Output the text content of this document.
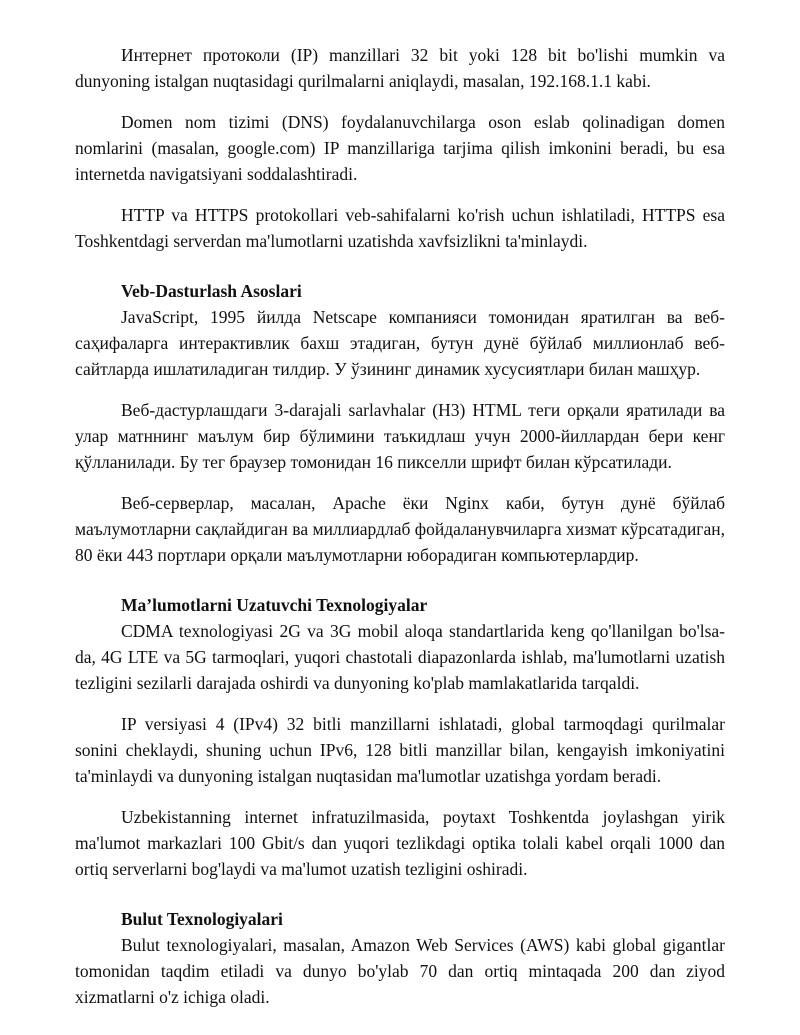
Интернет протоколи (IP) manzillari 32 bit yoki 128 bit bo'lishi mumkin va dunyoning istalgan nuqtasidagi qurilmalarni aniqlaydi, masalan, 192.168.1.1 kabi.

Domen nom tizimi (DNS) foydalanuvchilarga oson eslab qolinadigan domen nomlarini (masalan, google.com) IP manzillariga tarjima qilish imkonini beradi, bu esa internetda navigatsiyani soddalashtiradi.

HTTP va HTTPS protokollari veb-sahifalarni ko'rish uchun ishlatiladi, HTTPS esa Toshkentdagi serverdan ma'lumotlarni uzatishda xavfsizlikni ta'minlaydi.

Veb-Dasturlash Asoslari

JavaScript, 1995 йилда Netscape компанияси томонидан яратилган ва веб-саҳифаларга интерактивлик бахш этадиган, бутун дунё бўйлаб миллионлаб веб-сайтларда ишлатиладиган тилдир. У ўзининг динамик хусусиятлари билан машҳур.

Веб-дастурлашдаги 3-darajali sarlavhalar (H3) HTML теги орқали яратилади ва улар матннинг маълум бир бўлимини таъкидлаш учун 2000-йиллардан бери кенг қўлланилади. Бу тег браузер томонидан 16 пикселли шрифт билан кўрсатилади.

Веб-серверлар, масалан, Apache ёки Nginx каби, бутун дунё бўйлаб маълумотларни сақлайдиган ва миллиардлаб фойдаланувчиларга хизмат кўрсатадиган, 80 ёки 443 портлари орқали маълумотларни юборадиган компьютерлардир.

Ma’lumotlarni Uzatuvchi Texnologiyalar

CDMA texnologiyasi 2G va 3G mobil aloqa standartlarida keng qo'llanilgan bo'lsa-da, 4G LTE va 5G tarmoqlari, yuqori chastotali diapazonlarda ishlab, ma'lumotlarni uzatish tezligini sezilarli darajada oshirdi va dunyoning ko'plab mamlakatlarida tarqaldi.

IP versiyasi 4 (IPv4) 32 bitli manzillarni ishlatadi, global tarmoqdagi qurilmalar sonini cheklaydi, shuning uchun IPv6, 128 bitli manzillar bilan, kengayish imkoniyatini ta'minlaydi va dunyoning istalgan nuqtasidan ma'lumotlar uzatishga yordam beradi.

Uzbekistanning internet infratuzilmasida, poytaxt Toshkentda joylashgan yirik ma'lumot markazlari 100 Gbit/s dan yuqori tezlikdagi optika tolali kabel orqali 1000 dan ortiq serverlarni bog'laydi va ma'lumot uzatish tezligini oshiradi.

Bulut Texnologiyalari

Bulut texnologiyalari, masalan, Amazon Web Services (AWS) kabi global gigantlar tomonidan taqdim etiladi va dunyo bo'ylab 70 dan ortiq mintaqada 200 dan ziyod xizmatlarni o'z ichiga oladi.
